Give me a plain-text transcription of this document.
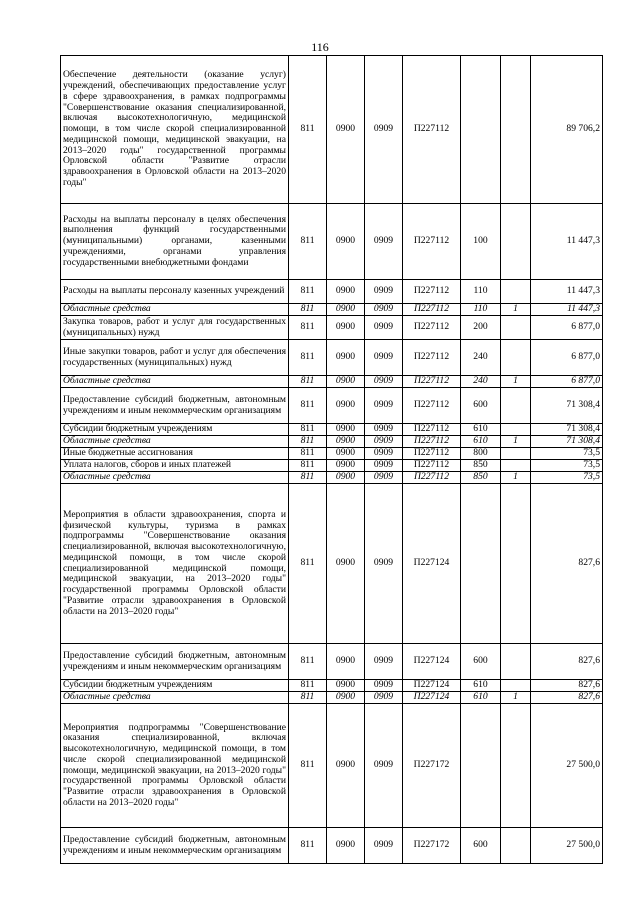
116
Обеспечение деятельности (оказание услуг) учреждений, обеспечивающих предоставление услуг в сфере здравоохранения, в рамках подпрограммы "Совершенствование оказания специализированной, включая высокотехнологичную, медицинской помощи, в том числе скорой специализированной медицинской помощи, медицинской эвакуации, на 2013–2020 годы" государственной программы Орловской области "Развитие отрасли здравоохранения в Орловской области на 2013–2020 годы"	811	0900	0909	П227112			89 706,2
Расходы на выплаты персоналу в целях обеспечения выполнения функций государственными (муниципальными) органами, казенными учреждениями, органами управления государственными внебюджетными фондами	811	0900	0909	П227112	100		11 447,3
Расходы на выплаты персоналу казенных учреждений	811	0900	0909	П227112	110		11 447,3
Областные средства	811	0900	0909	П227112	110	1	11 447,3
Закупка товаров, работ и услуг для государственных (муниципальных) нужд	811	0900	0909	П227112	200		6 877,0
Иные закупки товаров, работ и услуг для обеспечения государственных (муниципальных) нужд	811	0900	0909	П227112	240		6 877,0
Областные средства	811	0900	0909	П227112	240	1	6 877,0
Предоставление субсидий бюджетным, автономным учреждениям и иным некоммерческим организациям	811	0900	0909	П227112	600		71 308,4
Субсидии бюджетным учреждениям	811	0900	0909	П227112	610		71 308,4
Областные средства	811	0900	0909	П227112	610	1	71 308,4
Иные бюджетные ассигнования	811	0900	0909	П227112	800		73,5
Уплата налогов, сборов и иных платежей	811	0900	0909	П227112	850		73,5
Областные средства	811	0900	0909	П227112	850	1	73,5
Мероприятия в области здравоохранения, спорта и физической культуры, туризма в рамках подпрограммы "Совершенствование оказания специализированной, включая высокотехнологичную, медицинской помощи, в том числе скорой специализированной медицинской помощи, медицинской эвакуации, на 2013–2020 годы" государственной программы Орловской области "Развитие отрасли здравоохранения в Орловской области на 2013–2020 годы"	811	0900	0909	П227124			827,6
Предоставление субсидий бюджетным, автономным учреждениям и иным некоммерческим организациям	811	0900	0909	П227124	600		827,6
Субсидии бюджетным учреждениям	811	0900	0909	П227124	610		827,6
Областные средства	811	0900	0909	П227124	610	1	827,6
Мероприятия подпрограммы "Совершенствование оказания специализированной, включая высокотехнологичную, медицинской помощи, в том числе скорой специализированной медицинской помощи, медицинской эвакуации, на 2013–2020 годы" государственной программы Орловской области "Развитие отрасли здравоохранения в Орловской области на 2013–2020 годы"	811	0900	0909	П227172			27 500,0
Предоставление субсидий бюджетным, автономным учреждениям и иным некоммерческим организациям	811	0900	0909	П227172	600		27 500,0
